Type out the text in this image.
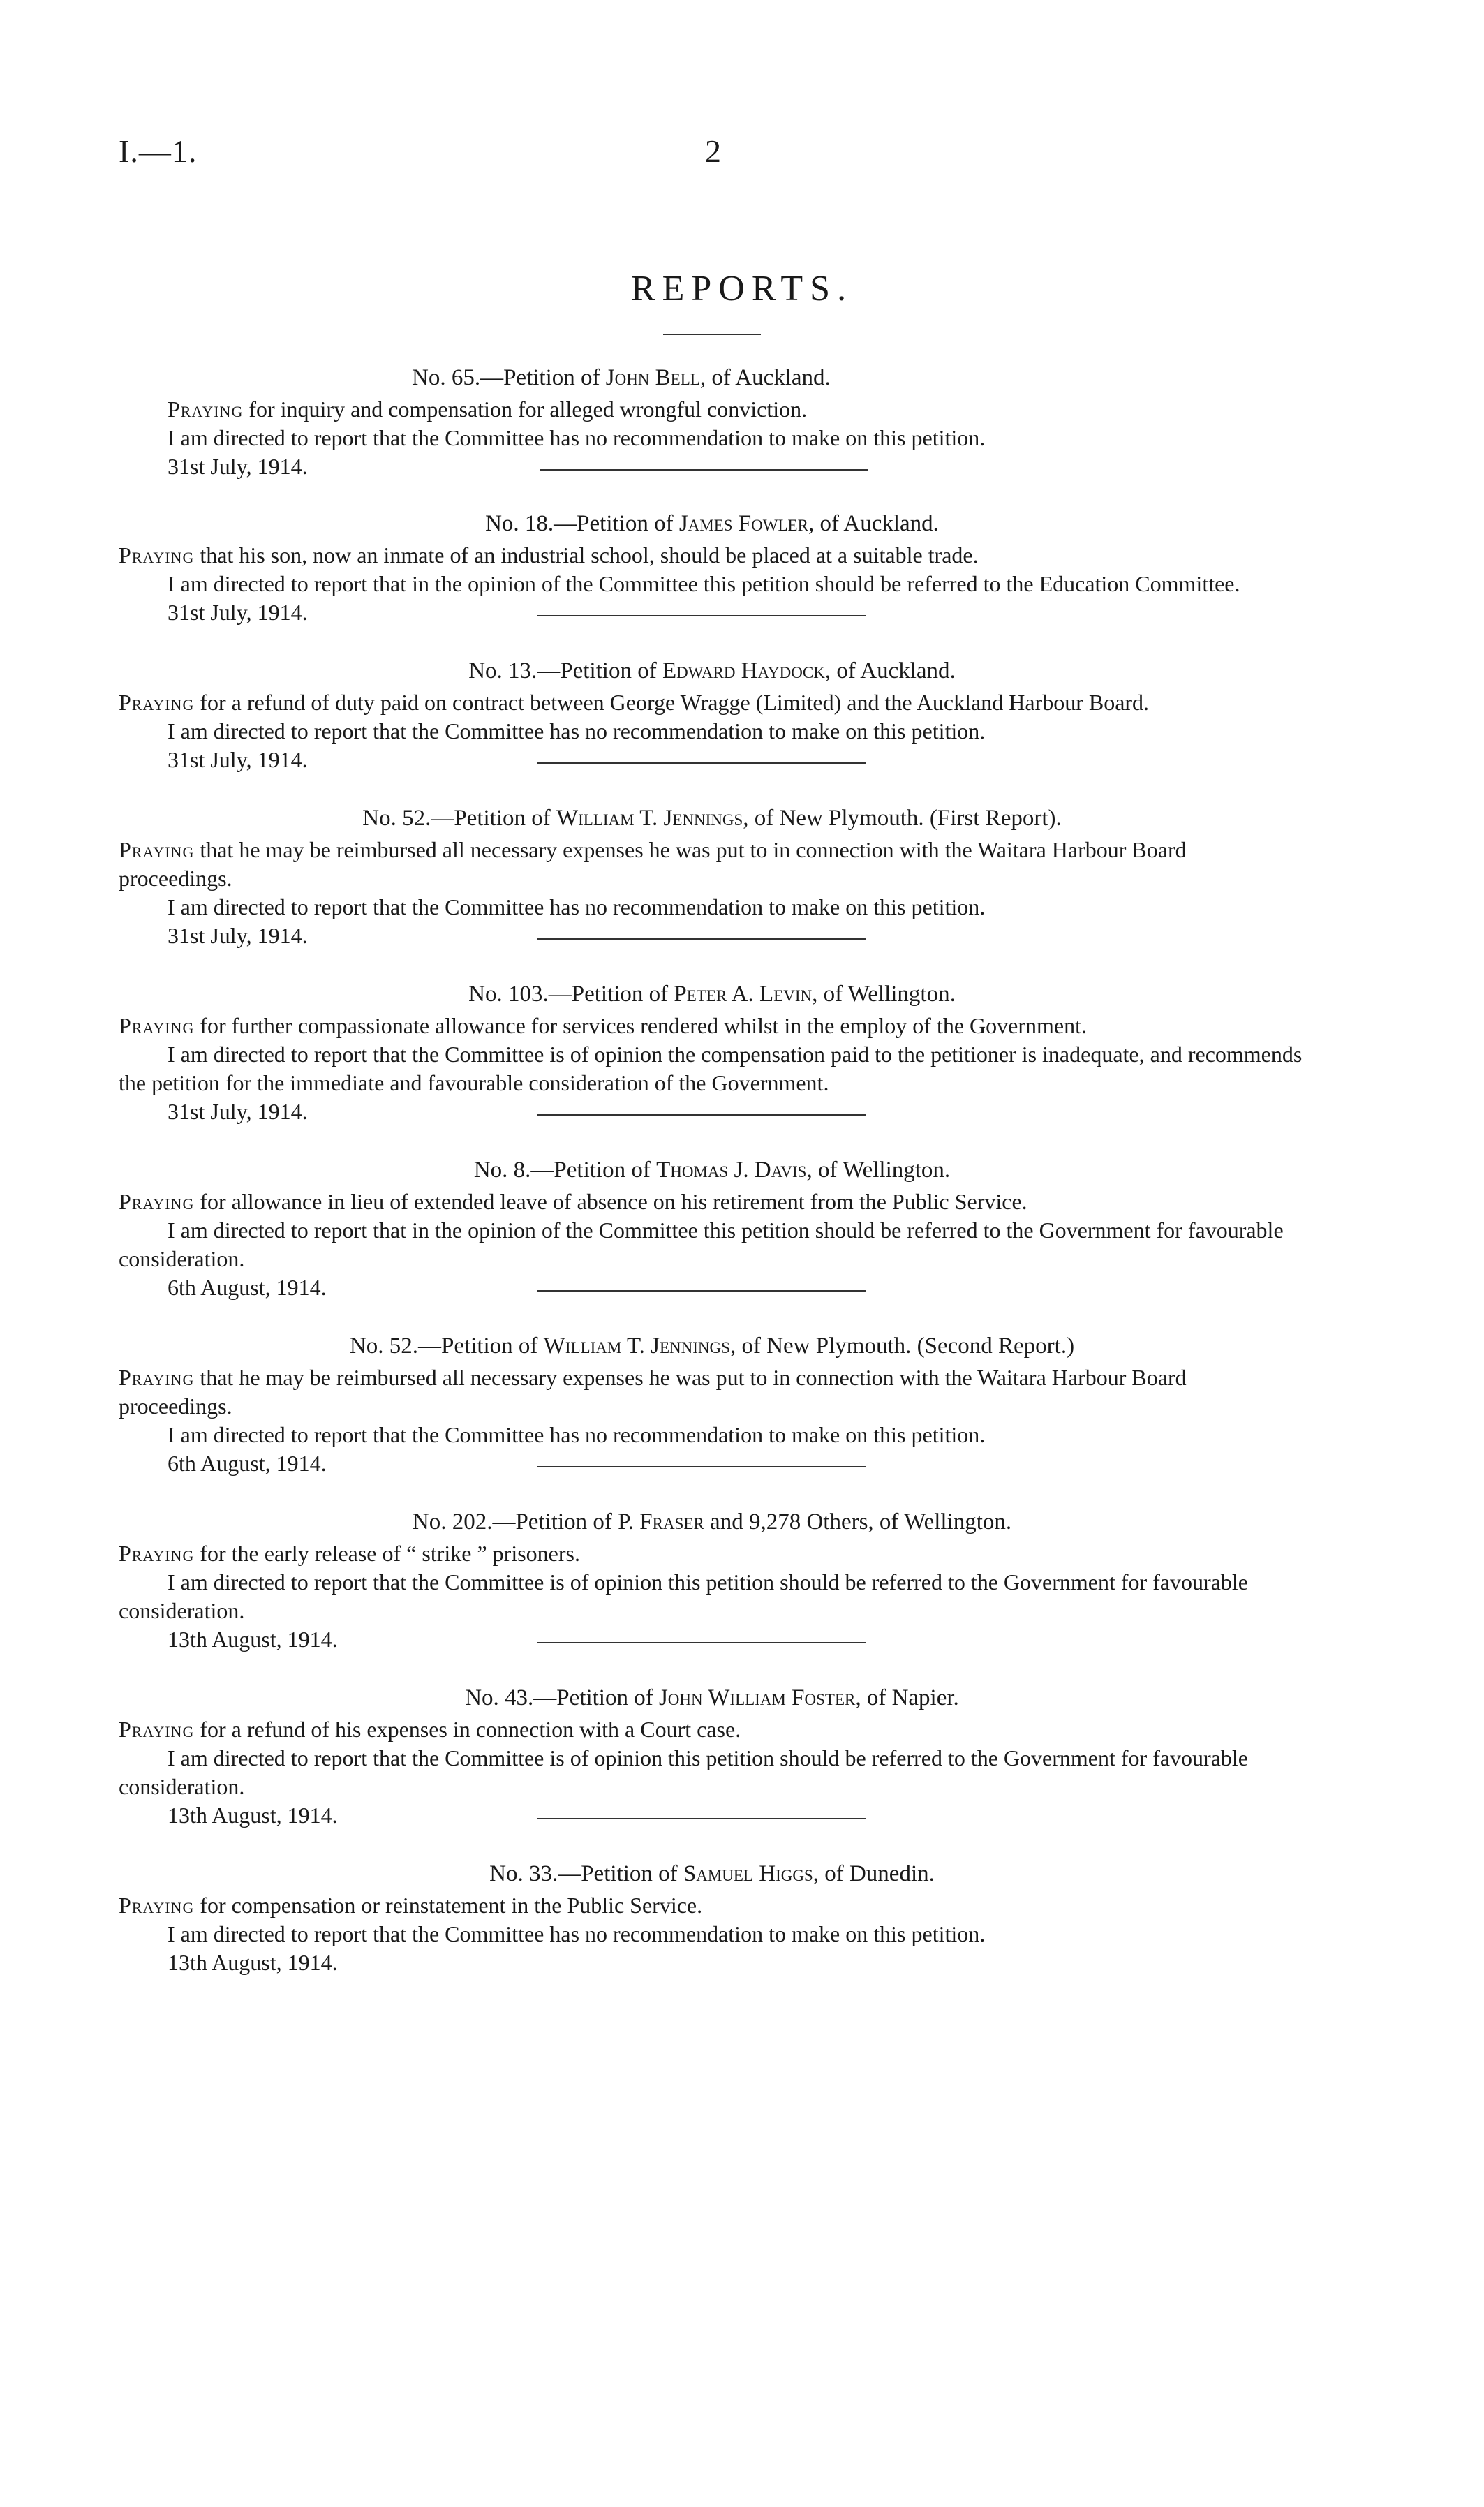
I.—1.	2
REPORTS.

No. 65.—Petition of John Bell, of Auckland.

Praying for inquiry and compensation for alleged wrongful conviction.

I am directed to report that the Committee has no recommendation to make on this petition.

31st July, 1914.

No. 18.—Petition of James Fowler, of Auckland.

Praying that his son, now an inmate of an industrial school, should be placed at a suitable trade.

I am directed to report that in the opinion of the Committee this petition should be referred to the Education Committee.

31st July, 1914.

No. 13.—Petition of Edward Haydock, of Auckland.

Praying for a refund of duty paid on contract between George Wragge (Limited) and the Auckland Harbour Board.

I am directed to report that the Committee has no recommendation to make on this petition.

31st July, 1914.

No. 52.—Petition of William T. Jennings, of New Plymouth. (First Report).

Praying that he may be reimbursed all necessary expenses he was put to in connection with the Waitara Harbour Board proceedings.

I am directed to report that the Committee has no recommendation to make on this petition.

31st July, 1914.

No. 103.—Petition of Peter A. Levin, of Wellington.

Praying for further compassionate allowance for services rendered whilst in the employ of the Government.

I am directed to report that the Committee is of opinion the compensation paid to the petitioner is inadequate, and recommends the petition for the immediate and favourable consideration of the Government.

31st July, 1914.

No. 8.—Petition of Thomas J. Davis, of Wellington.

Praying for allowance in lieu of extended leave of absence on his retirement from the Public Service.

I am directed to report that in the opinion of the Committee this petition should be referred to the Government for favourable consideration.

6th August, 1914.

No. 52.—Petition of William T. Jennings, of New Plymouth. (Second Report.)

Praying that he may be reimbursed all necessary expenses he was put to in connection with the Waitara Harbour Board proceedings.

I am directed to report that the Committee has no recommendation to make on this petition.

6th August, 1914.

No. 202.—Petition of P. Fraser and 9,278 Others, of Wellington.

Praying for the early release of “ strike ” prisoners.

I am directed to report that the Committee is of opinion this petition should be referred to the Government for favourable consideration.

13th August, 1914.

No. 43.—Petition of John William Foster, of Napier.

Praying for a refund of his expenses in connection with a Court case.

I am directed to report that the Committee is of opinion this petition should be referred to the Government for favourable consideration.

13th August, 1914.

No. 33.—Petition of Samuel Higgs, of Dunedin.

Praying for compensation or reinstatement in the Public Service.

I am directed to report that the Committee has no recommendation to make on this petition.

13th August, 1914.
